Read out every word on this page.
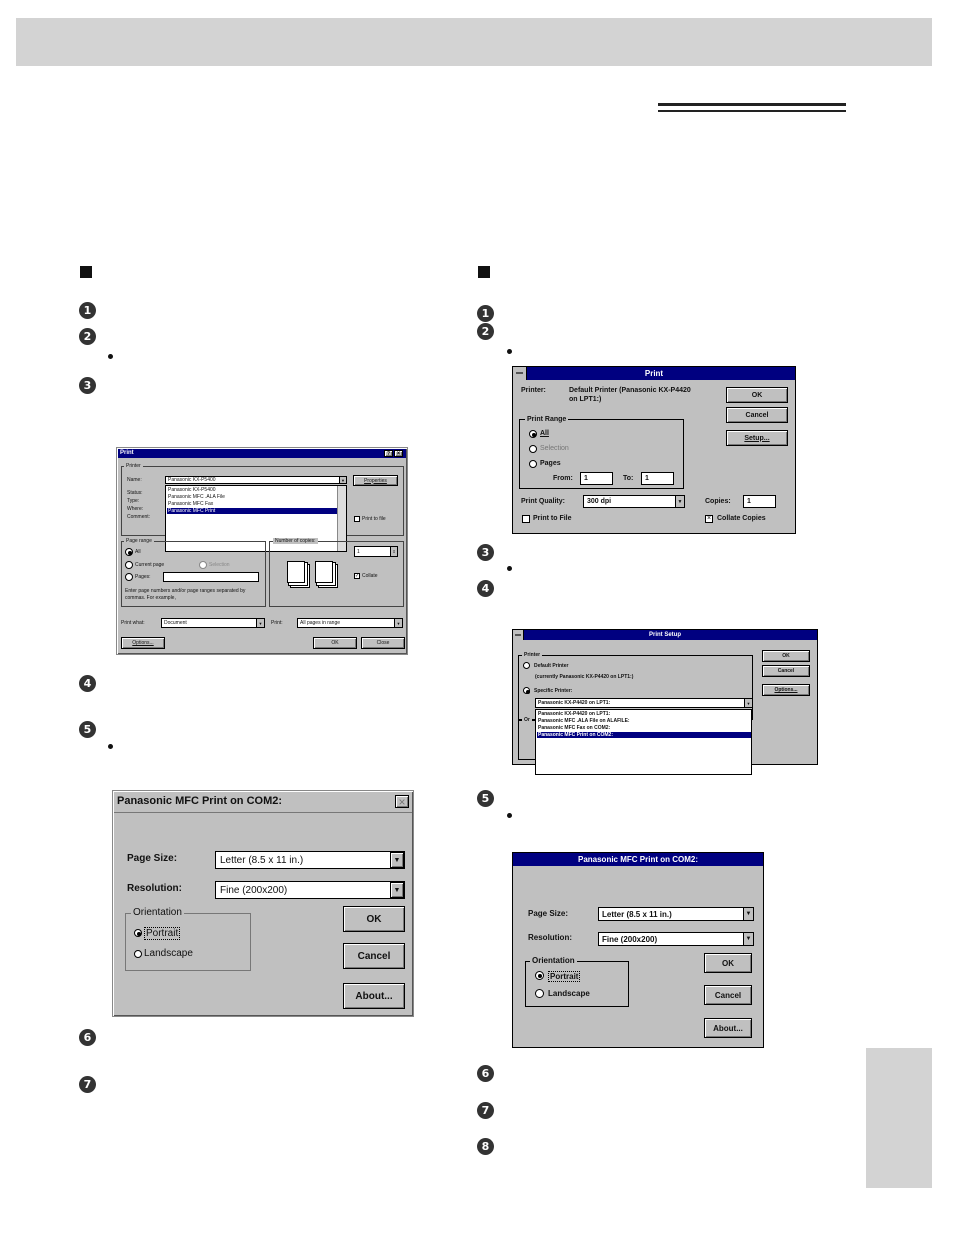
1
2
3
4
5
6
7
1
2
3
4
5
6
7
8
Print	?	×
Printer
Name:
Status:
Type:
Where:
Comment:
Panasonic KX-P5400	▼
Panasonic KX-P5400
Panasonic MFC .ALA File
Panasonic MFC Fax
Panasonic MFC Print
Properties
Print to file
Page range
All
Current page	Selection
Pages:
Enter page numbers and/or page ranges separated by commas. For example,
Number of copies:
1	⇕
✓ Collate
Print what:	Document	▼	Print:	All pages in range	▼
Options...	OK	Close
Panasonic MFC Print on COM2:	×
Page Size:	Letter (8.5 x 11 in.)	▼
Resolution:	Fine (200x200)	▼
Orientation
Portrait
Landscape
OK
Cancel
About...
Print
Printer:	Default Printer (Panasonic KX-P4420
on LPT1:)
OK
Cancel
Setup...
Print Range
All
Selection
Pages
From: 1	To: 1
Print Quality:	300 dpi	▼	Copies: 1
Print to File	× Collate Copies
Print Setup
Printer
Default Printer
(currently Panasonic KX-P4420 on LPT1:)
Specific Printer:
Panasonic KX-P4420 on LPT1:	▼
Or
Panasonic KX-P4420 on LPT1:
Panasonic MFC .ALA File on ALAFILE:
Panasonic MFC Fax on COM2:
Panasonic MFC Print on COM2:
OK
Cancel
Options...
Panasonic MFC Print on COM2:
Page Size:	Letter (8.5 x 11 in.)	▼
Resolution:	Fine (200x200)	▼
Orientation
Portrait
Landscape
OK
Cancel
About...
